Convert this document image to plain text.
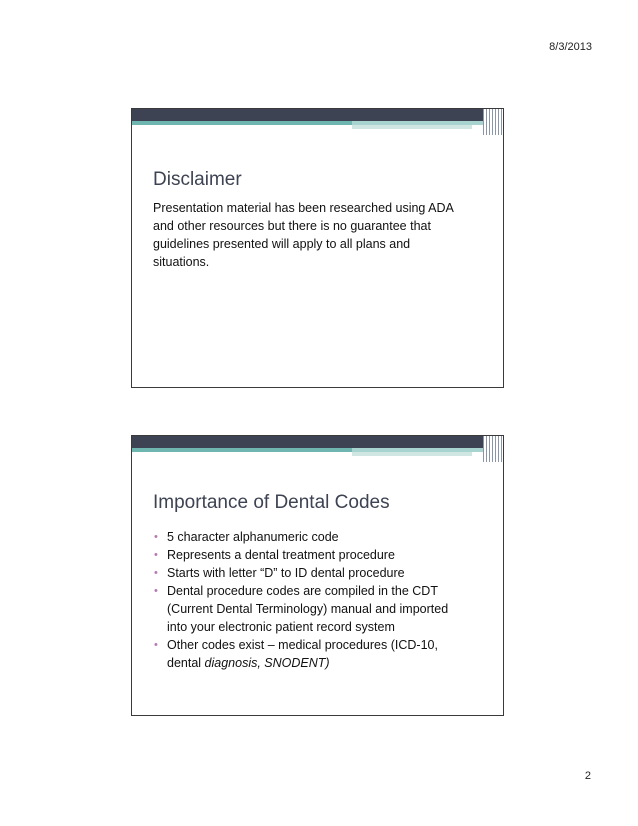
8/3/2013
Disclaimer
Presentation material has been researched using ADA
and other resources but there is no guarantee that
guidelines presented will apply to all plans and
situations.
Importance of Dental Codes
• 5 character alphanumeric code
• Represents a dental treatment procedure
• Starts with letter “D” to ID dental procedure
• Dental procedure codes are compiled in the CDT
(Current Dental Terminology) manual and imported
into your electronic patient record system
• Other codes exist – medical procedures (ICD-10,
dental diagnosis, SNODENT)
2
